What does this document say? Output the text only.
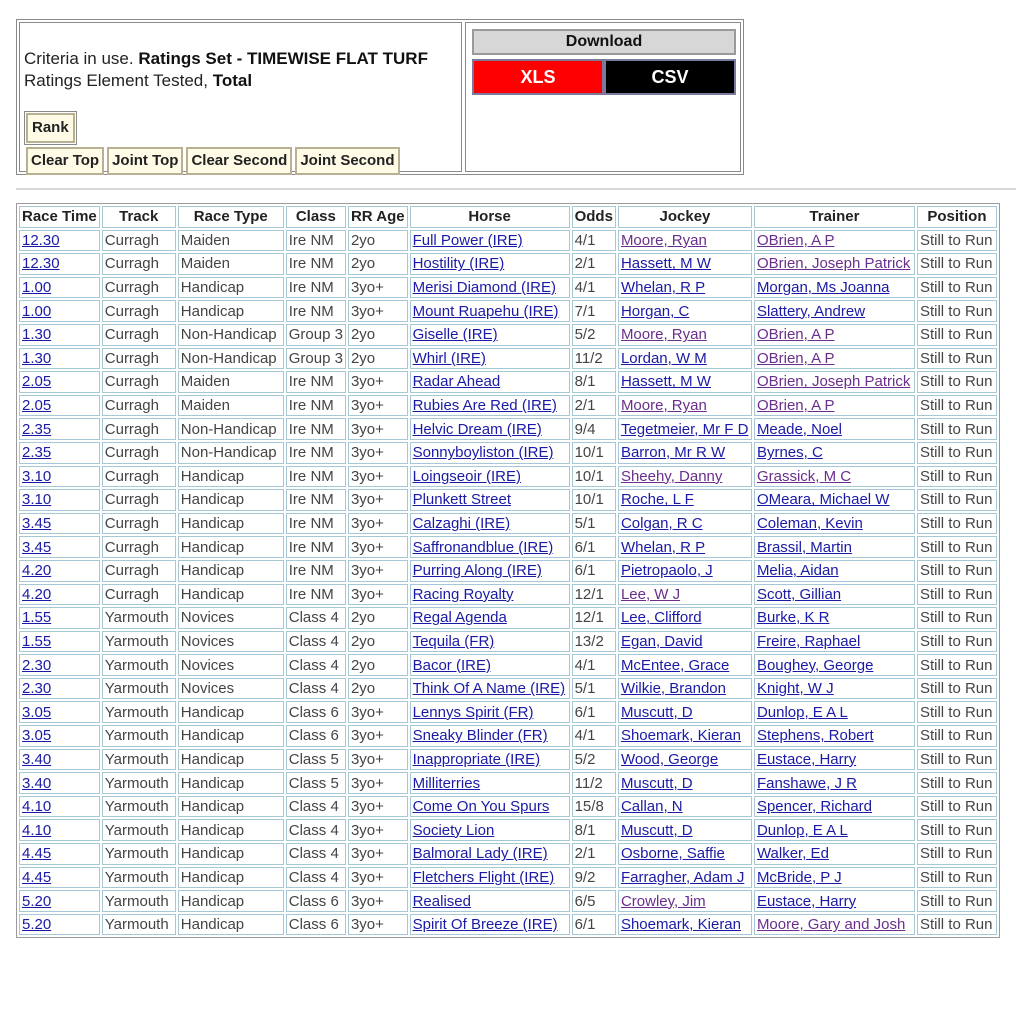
Criteria in use. Ratings Set - TIMEWISE FLAT TURF
Ratings Element Tested, Total
Rank
Clear Top Joint Top Clear Second Joint Second
Download
XLS	CSV
Race Time	Track	Race Type	Class	RR Age	Horse	Odds	Jockey	Trainer	Position
12.30	Curragh	Maiden	Ire NM	2yo	Full Power (IRE)	4/1	Moore, Ryan	OBrien, A P	Still to Run
12.30	Curragh	Maiden	Ire NM	2yo	Hostility (IRE)	2/1	Hassett, M W	OBrien, Joseph Patrick	Still to Run
1.00	Curragh	Handicap	Ire NM	3yo+	Merisi Diamond (IRE)	4/1	Whelan, R P	Morgan, Ms Joanna	Still to Run
1.00	Curragh	Handicap	Ire NM	3yo+	Mount Ruapehu (IRE)	7/1	Horgan, C	Slattery, Andrew	Still to Run
1.30	Curragh	Non-Handicap	Group 3	2yo	Giselle (IRE)	5/2	Moore, Ryan	OBrien, A P	Still to Run
1.30	Curragh	Non-Handicap	Group 3	2yo	Whirl (IRE)	11/2	Lordan, W M	OBrien, A P	Still to Run
2.05	Curragh	Maiden	Ire NM	3yo+	Radar Ahead	8/1	Hassett, M W	OBrien, Joseph Patrick	Still to Run
2.05	Curragh	Maiden	Ire NM	3yo+	Rubies Are Red (IRE)	2/1	Moore, Ryan	OBrien, A P	Still to Run
2.35	Curragh	Non-Handicap	Ire NM	3yo+	Helvic Dream (IRE)	9/4	Tegetmeier, Mr F D	Meade, Noel	Still to Run
2.35	Curragh	Non-Handicap	Ire NM	3yo+	Sonnyboyliston (IRE)	10/1	Barron, Mr R W	Byrnes, C	Still to Run
3.10	Curragh	Handicap	Ire NM	3yo+	Loingseoir (IRE)	10/1	Sheehy, Danny	Grassick, M C	Still to Run
3.10	Curragh	Handicap	Ire NM	3yo+	Plunkett Street	10/1	Roche, L F	OMeara, Michael W	Still to Run
3.45	Curragh	Handicap	Ire NM	3yo+	Calzaghi (IRE)	5/1	Colgan, R C	Coleman, Kevin	Still to Run
3.45	Curragh	Handicap	Ire NM	3yo+	Saffronandblue (IRE)	6/1	Whelan, R P	Brassil, Martin	Still to Run
4.20	Curragh	Handicap	Ire NM	3yo+	Purring Along (IRE)	6/1	Pietropaolo, J	Melia, Aidan	Still to Run
4.20	Curragh	Handicap	Ire NM	3yo+	Racing Royalty	12/1	Lee, W J	Scott, Gillian	Still to Run
1.55	Yarmouth	Novices	Class 4	2yo	Regal Agenda	12/1	Lee, Clifford	Burke, K R	Still to Run
1.55	Yarmouth	Novices	Class 4	2yo	Tequila (FR)	13/2	Egan, David	Freire, Raphael	Still to Run
2.30	Yarmouth	Novices	Class 4	2yo	Bacor (IRE)	4/1	McEntee, Grace	Boughey, George	Still to Run
2.30	Yarmouth	Novices	Class 4	2yo	Think Of A Name (IRE)	5/1	Wilkie, Brandon	Knight, W J	Still to Run
3.05	Yarmouth	Handicap	Class 6	3yo+	Lennys Spirit (FR)	6/1	Muscutt, D	Dunlop, E A L	Still to Run
3.05	Yarmouth	Handicap	Class 6	3yo+	Sneaky Blinder (FR)	4/1	Shoemark, Kieran	Stephens, Robert	Still to Run
3.40	Yarmouth	Handicap	Class 5	3yo+	Inappropriate (IRE)	5/2	Wood, George	Eustace, Harry	Still to Run
3.40	Yarmouth	Handicap	Class 5	3yo+	Milliterries	11/2	Muscutt, D	Fanshawe, J R	Still to Run
4.10	Yarmouth	Handicap	Class 4	3yo+	Come On You Spurs	15/8	Callan, N	Spencer, Richard	Still to Run
4.10	Yarmouth	Handicap	Class 4	3yo+	Society Lion	8/1	Muscutt, D	Dunlop, E A L	Still to Run
4.45	Yarmouth	Handicap	Class 4	3yo+	Balmoral Lady (IRE)	2/1	Osborne, Saffie	Walker, Ed	Still to Run
4.45	Yarmouth	Handicap	Class 4	3yo+	Fletchers Flight (IRE)	9/2	Farragher, Adam J	McBride, P J	Still to Run
5.20	Yarmouth	Handicap	Class 6	3yo+	Realised	6/5	Crowley, Jim	Eustace, Harry	Still to Run
5.20	Yarmouth	Handicap	Class 6	3yo+	Spirit Of Breeze (IRE)	6/1	Shoemark, Kieran	Moore, Gary and Josh	Still to Run
